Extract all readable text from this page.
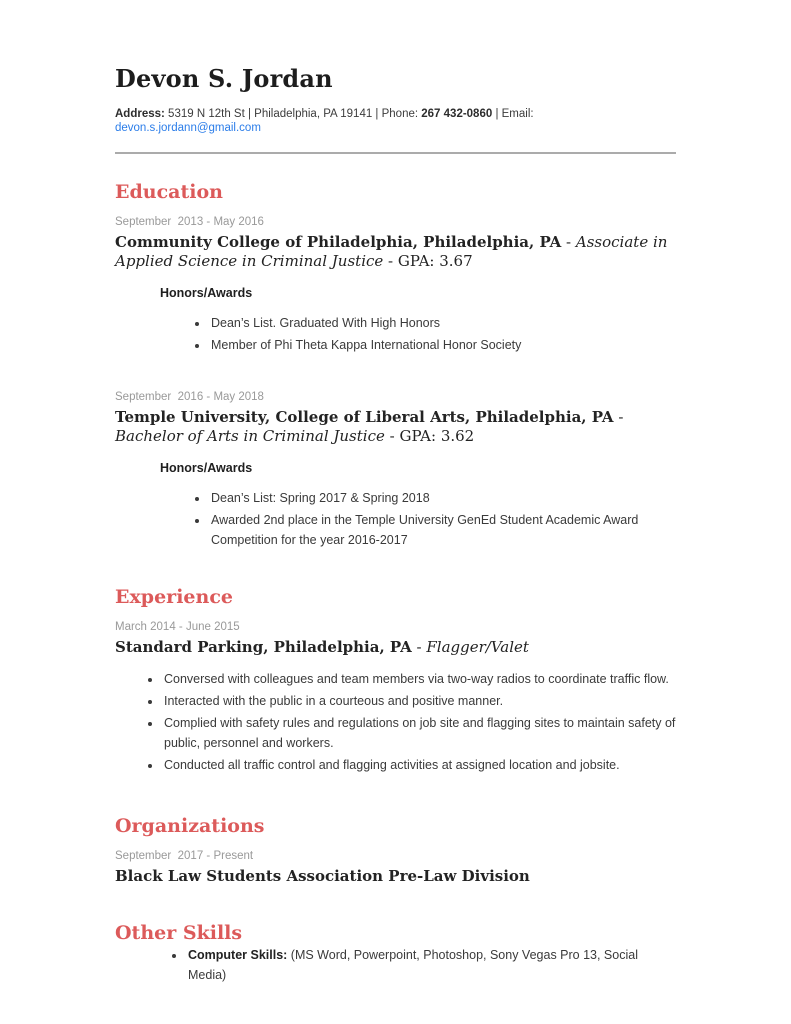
Devon S. Jordan

Address: 5319 N 12th St | Philadelphia, PA 19141 | Phone: 267 432-0860 | Email: devon.s.jordann@gmail.com

Education

September  2013 - May 2016

Community College of Philadelphia, Philadelphia, PA - Associate in Applied Science in Criminal Justice - GPA: 3.67
Honors/Awards
• Dean’s List. Graduated With High Honors
• Member of Phi Theta Kappa International Honor Society

September  2016 - May 2018

Temple University, College of Liberal Arts, Philadelphia, PA - Bachelor of Arts in Criminal Justice - GPA: 3.62
Honors/Awards
• Dean’s List: Spring 2017 & Spring 2018
• Awarded 2nd place in the Temple University GenEd Student Academic Award Competition for the year 2016-2017
Experience

March 2014 - June 2015

Standard Parking, Philadelphia, PA - Flagger/Valet
• Conversed with colleagues and team members via two-way radios to coordinate traffic flow.
• Interacted with the public in a courteous and positive manner.
• Complied with safety rules and regulations on job site and flagging sites to maintain safety of public, personnel and workers.
• Conducted all traffic control and flagging activities at assigned location and jobsite.
Organizations

September  2017 - Present

Black Law Students Association Pre-Law Division
Other Skills
• Computer Skills: (MS Word, Powerpoint, Photoshop, Sony Vegas Pro 13, Social Media)
